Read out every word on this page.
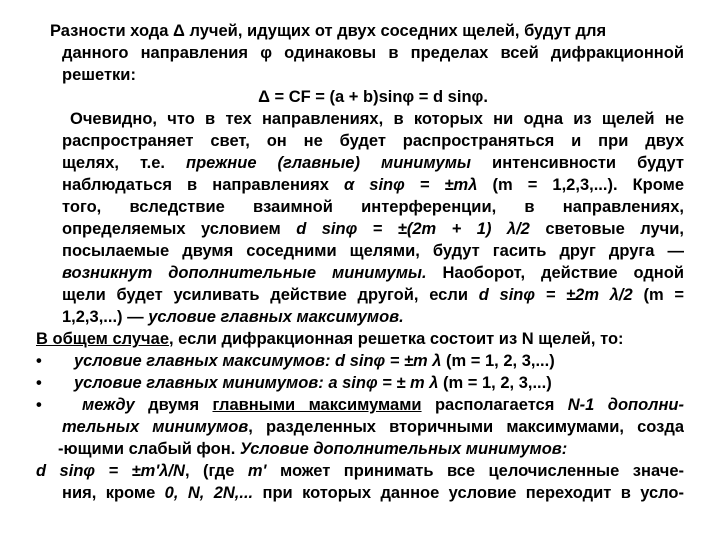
Разности хода Δ лучей, идущих от двух соседних щелей, будут для
данного направления φ одинаковы в пределах всей дифракционной
решетки:
Δ = CF = (a + b)sinφ = d sinφ.
Очевидно, что в тех направлениях, в которых ни одна из щелей не
распространяет свет, он не будет распространяться и при двух
щелях, т.е. прежние (главные) минимумы интенсивности будут
наблюдаться в направлениях α sinφ = ±mλ (m = 1,2,3,...). Кроме
того, вследствие взаимной интерференции, в направлениях,
определяемых условием d sinφ = ±(2m + 1) λ/2 световые лучи,
посылаемые двумя соседними щелями, будут гасить друг друга —
возникнут дополнительные минимумы. Наоборот, действие одной
щели будет усиливать действие другой, если d sinφ = ±2m λ/2 (m =
1,2,3,...) — условие главных максимумов.
В общем случае, если дифракционная решетка состоит из N щелей, то:
• условие главных максимумов: d sinφ = ±m λ (m = 1, 2, 3,...)
• условие главных минимумов: a sinφ = ± m λ (m = 1, 2, 3,...)
• между двумя главными максимумами располагается N-1 дополни-
тельных минимумов, разделенных вторичными максимумами, созда
-ющими слабый фон. Условие дополнительных минимумов:
d sinφ = ±m'λ/N, (где m' может принимать все целочисленные значе-
ния, кроме 0, N, 2N,... при которых данное условие переходит в усло-
